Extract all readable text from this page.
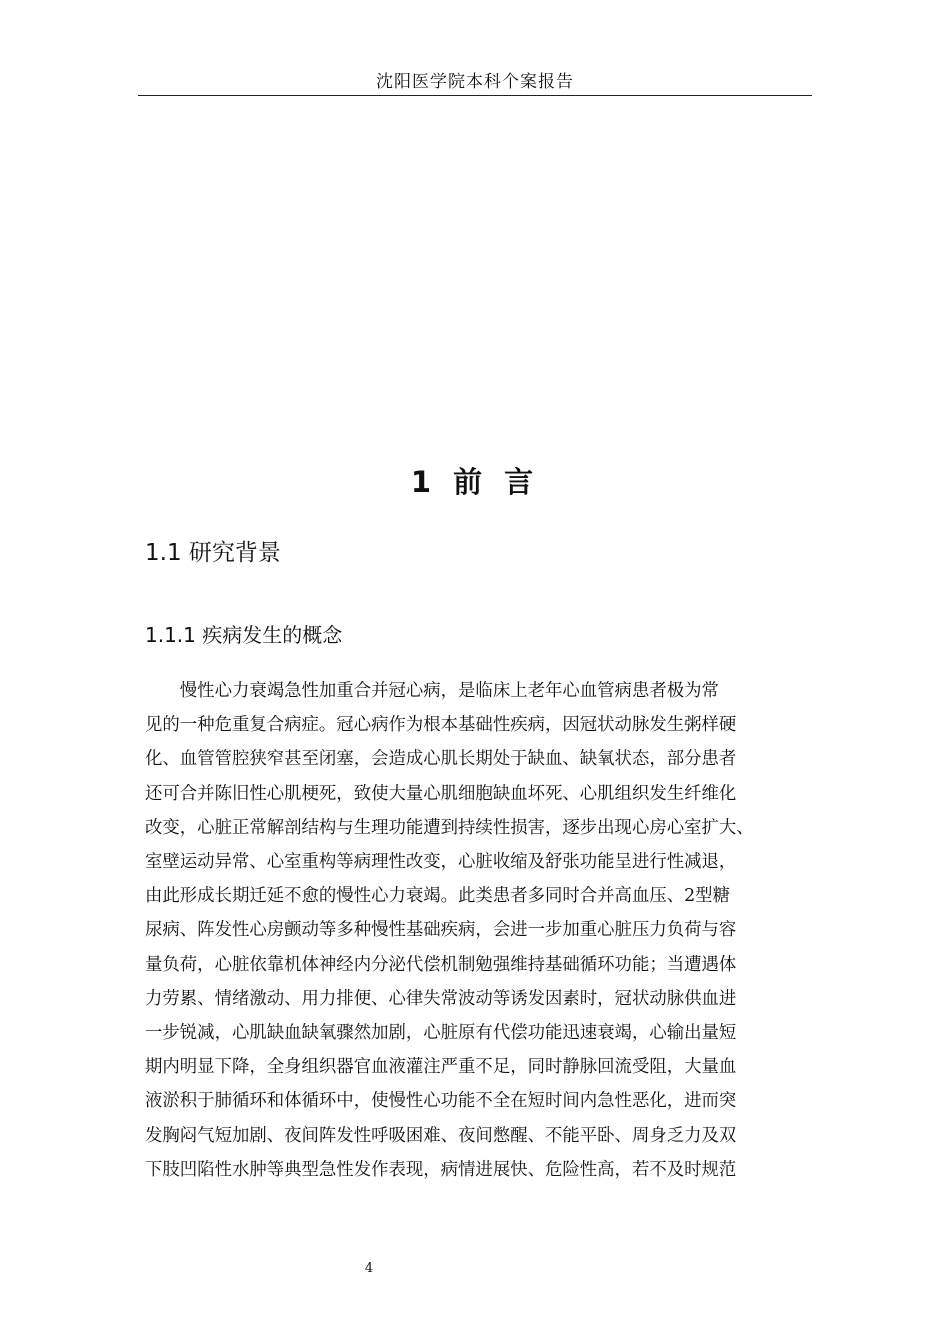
沈阳医学院本科个案报告
1 前 言
1.1 研究背景
1.1.1 疾病发生的概念

　　慢性心力衰竭急性加重合并冠心病，是临床上老年心血管病患者极为常
见的一种危重复合病症。冠心病作为根本基础性疾病，因冠状动脉发生粥样硬
化、血管管腔狭窄甚至闭塞，会造成心肌长期处于缺血、缺氧状态，部分患者
还可合并陈旧性心肌梗死，致使大量心肌细胞缺血坏死、心肌组织发生纤维化
改变，心脏正常解剖结构与生理功能遭到持续性损害，逐步出现心房心室扩大、
室壁运动异常、心室重构等病理性改变，心脏收缩及舒张功能呈进行性减退，
由此形成长期迁延不愈的慢性心力衰竭。此类患者多同时合并高血压、2型糖
尿病、阵发性心房颤动等多种慢性基础疾病，会进一步加重心脏压力负荷与容
量负荷，心脏依靠机体神经内分泌代偿机制勉强维持基础循环功能；当遭遇体
力劳累、情绪激动、用力排便、心律失常波动等诱发因素时，冠状动脉供血进
一步锐减，心肌缺血缺氧骤然加剧，心脏原有代偿功能迅速衰竭，心输出量短
期内明显下降，全身组织器官血液灌注严重不足，同时静脉回流受阻，大量血
液淤积于肺循环和体循环中，使慢性心功能不全在短时间内急性恶化，进而突
发胸闷气短加剧、夜间阵发性呼吸困难、夜间憋醒、不能平卧、周身乏力及双
下肢凹陷性水肿等典型急性发作表现，病情进展快、危险性高，若不及时规范

4
